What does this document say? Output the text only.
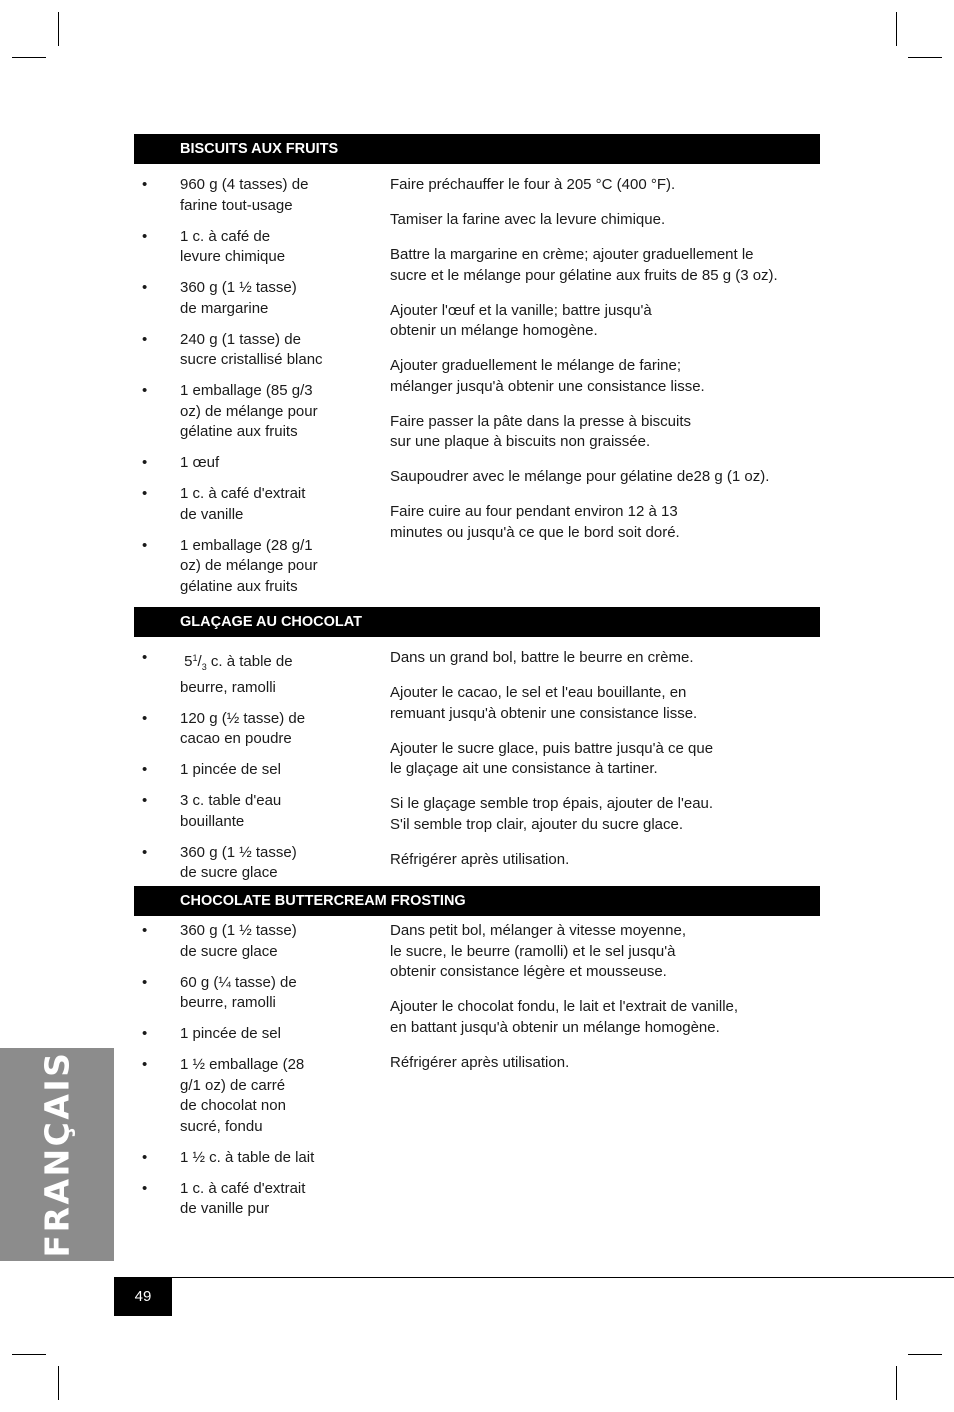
BISCUITS AUX FRUITS
• 960 g (4 tasses) de
farine tout-usage
• 1 c. à café de
levure chimique
• 360 g (1 ½ tasse)
de margarine
• 240 g (1 tasse) de
sucre cristallisé blanc
• 1 emballage (85 g/3
oz) de mélange pour
gélatine aux fruits
• 1 œuf
• 1 c. à café d'extrait
de vanille
• 1 emballage (28 g/1
oz) de mélange pour
gélatine aux fruits

Faire préchauffer le four à 205 °C (400 °F).

Tamiser la farine avec la levure chimique.

Battre la margarine en crème; ajouter graduellement le
sucre et le mélange pour gélatine aux fruits de 85 g (3 oz).

Ajouter l'œuf et la vanille; battre jusqu'à
obtenir un mélange homogène.

Ajouter graduellement le mélange de farine;
mélanger jusqu'à obtenir une consistance lisse.

Faire passer la pâte dans la presse à biscuits
sur une plaque à biscuits non graissée.

Saupoudrer avec le mélange pour gélatine de28 g (1 oz).

Faire cuire au four pendant environ 12 à 13
minutes ou jusqu'à ce que le bord soit doré.

GLAÇAGE AU CHOCOLAT
• $5^1/_3$ c. à table de
beurre, ramolli
• 120 g (½ tasse) de
cacao en poudre
• 1 pincée de sel
• 3 c. table d'eau
bouillante
• 360 g (1 ½ tasse)
de sucre glace

Dans un grand bol, battre le beurre en crème.

Ajouter le cacao, le sel et l'eau bouillante, en
remuant jusqu'à obtenir une consistance lisse.

Ajouter le sucre glace, puis battre jusqu'à ce que
le glaçage ait une consistance à tartiner.

Si le glaçage semble trop épais, ajouter de l'eau.
S'il semble trop clair, ajouter du sucre glace.

Réfrigérer après utilisation.

CHOCOLATE BUTTERCREAM FROSTING
• 360 g (1 ½ tasse)
de sucre glace
• 60 g (¼ tasse) de
beurre, ramolli
• 1 pincée de sel
• 1 ½ emballage (28
g/1 oz) de carré
de chocolat non
sucré, fondu
• 1 ½ c. à table de lait
• 1 c. à café d'extrait
de vanille pur

Dans petit bol, mélanger à vitesse moyenne,
le sucre, le beurre (ramolli) et le sel jusqu'à
obtenir consistance légère et mousseuse.

Ajouter le chocolat fondu, le lait et l'extrait de vanille,
en battant jusqu'à obtenir un mélange homogène.

Réfrigérer après utilisation.

FRANÇAIS
49
